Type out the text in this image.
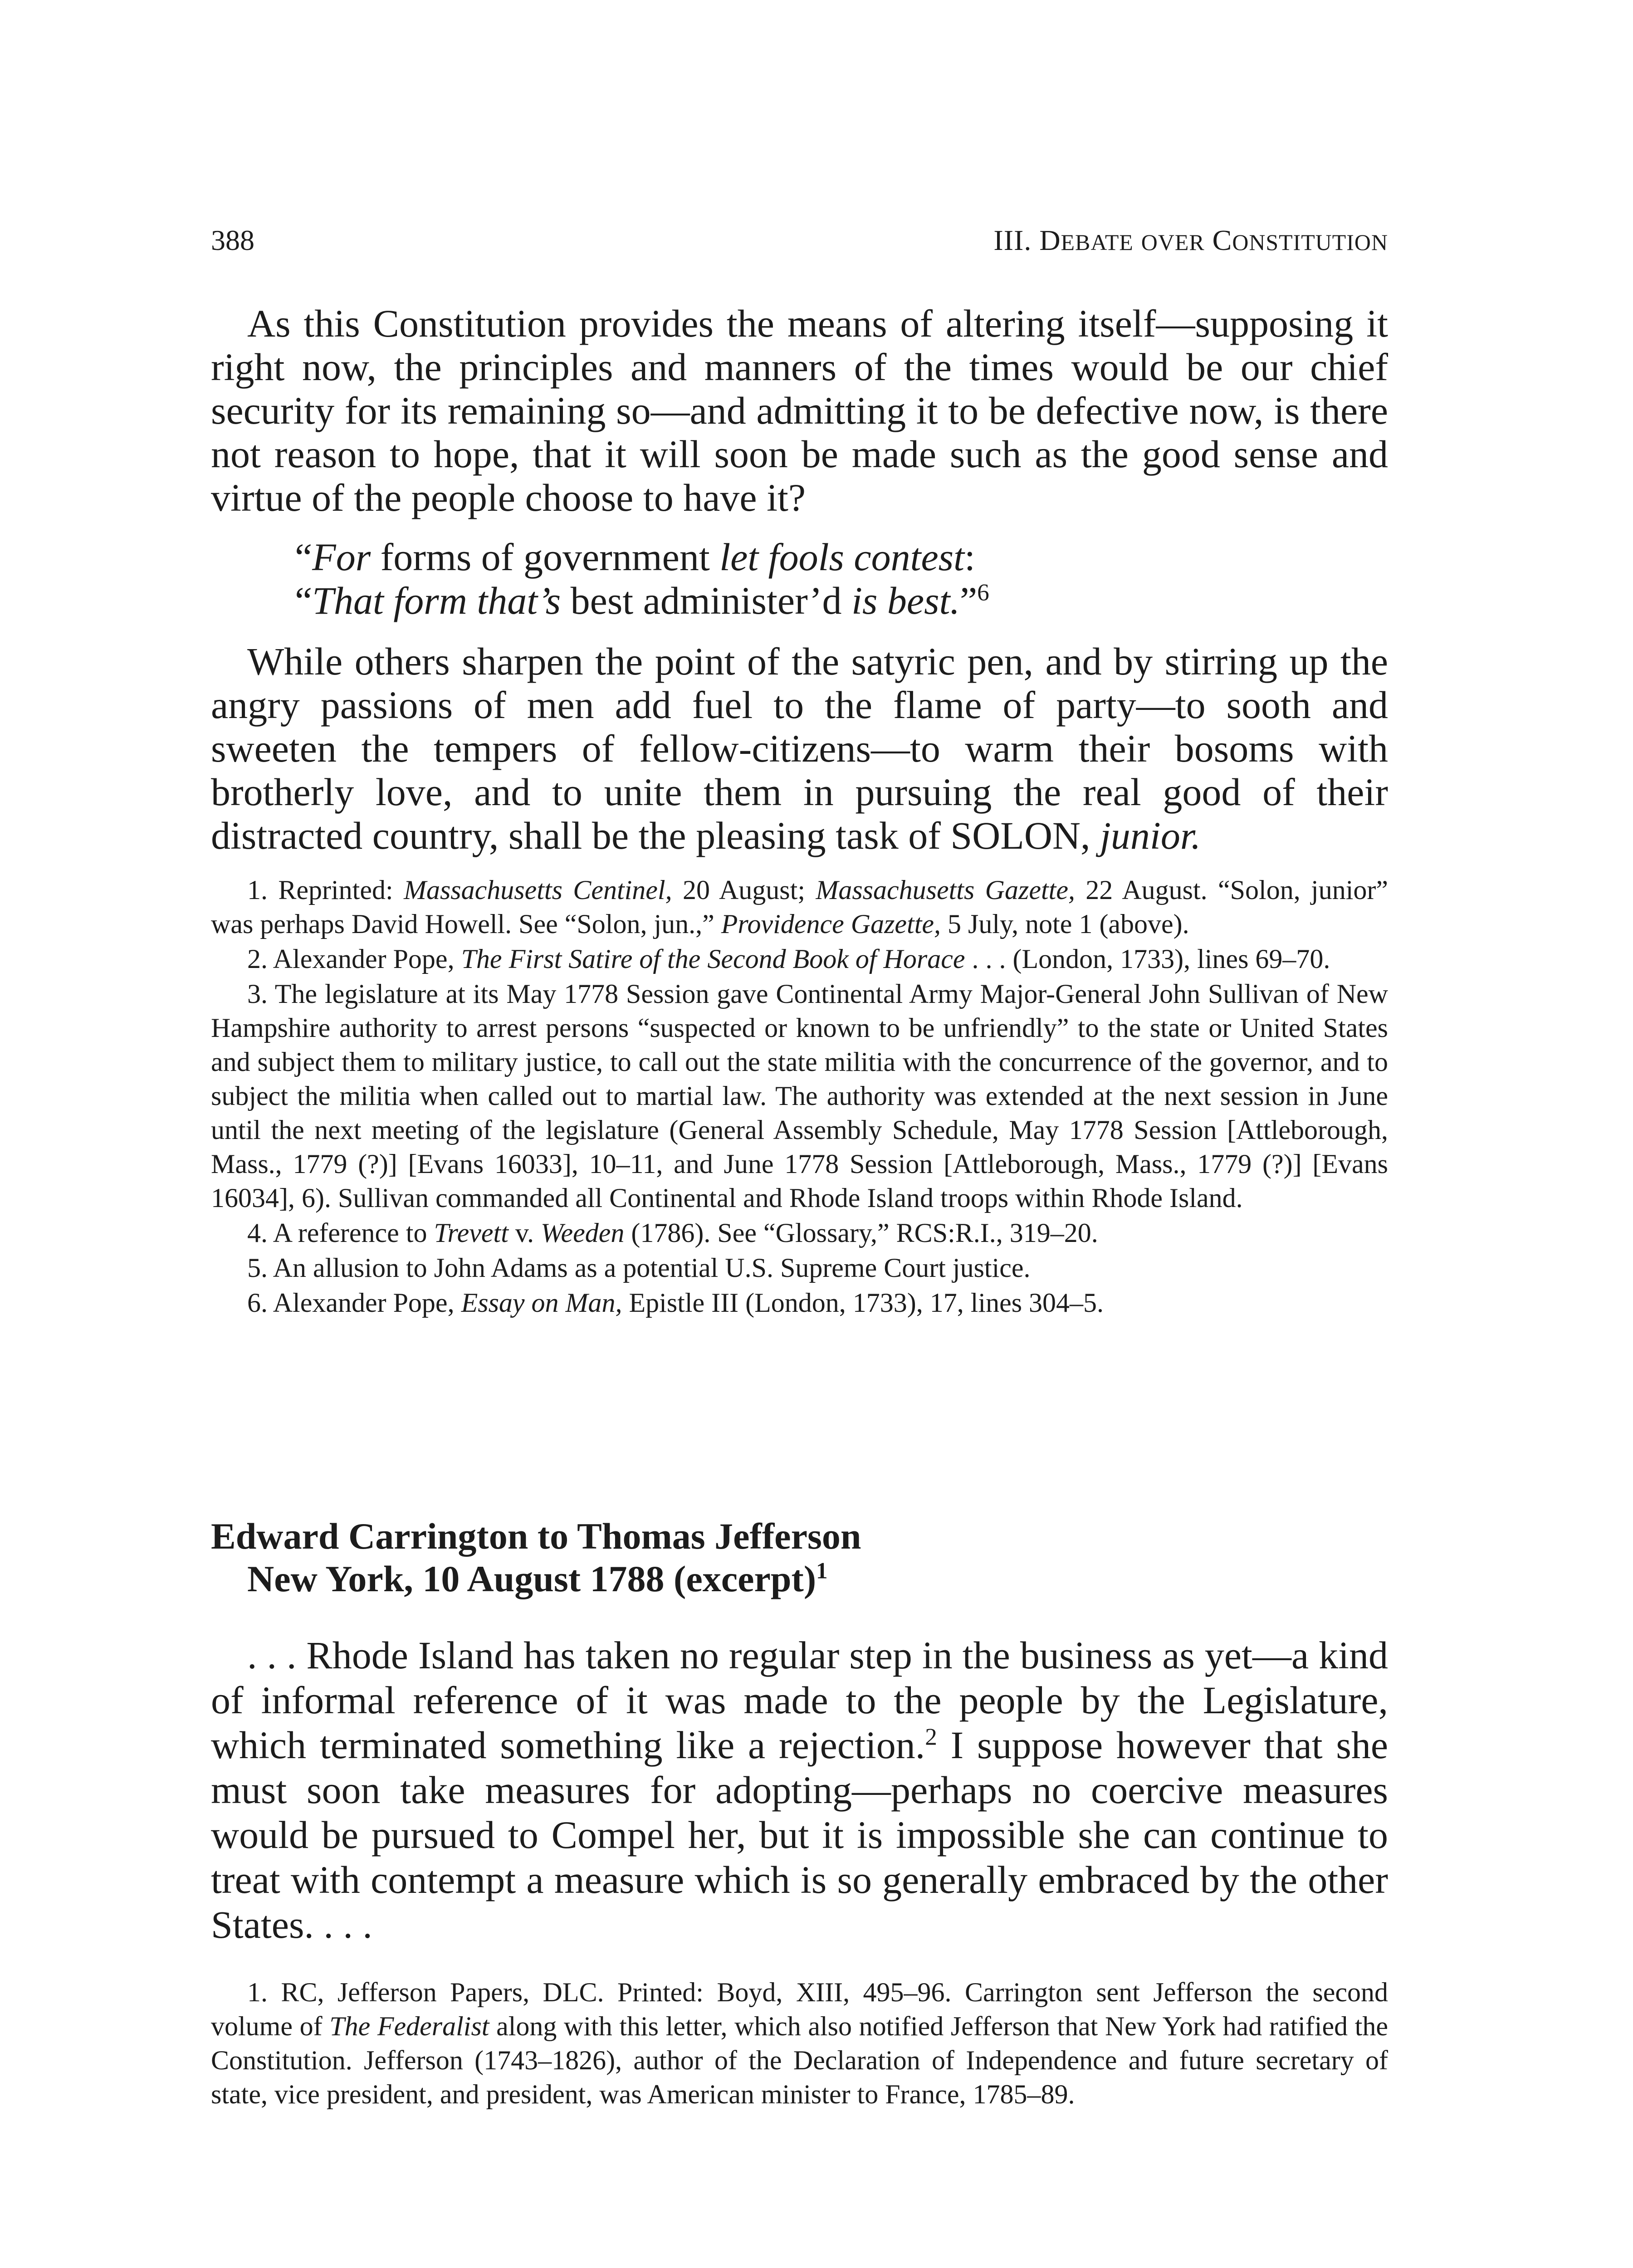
388	III. DEBATE OVER CONSTITUTION

As this Constitution provides the means of altering itself—supposing it right now, the principles and manners of the times would be our chief security for its remaining so—and admitting it to be defective now, is there not reason to hope, that it will soon be made such as the good sense and virtue of the people choose to have it?

“For forms of government let fools contest:
“That form that’s best administer’d is best.”$^6$

While others sharpen the point of the satyric pen, and by stirring up the angry passions of men add fuel to the flame of party—to sooth and sweeten the tempers of fellow-citizens—to warm their bosoms with brotherly love, and to unite them in pursuing the real good of their distracted country, shall be the pleasing task of SOLON, junior.

1. Reprinted: Massachusetts Centinel, 20 August; Massachusetts Gazette, 22 August. “Solon, junior” was perhaps David Howell. See “Solon, jun.,” Providence Gazette, 5 July, note 1 (above).

2. Alexander Pope, The First Satire of the Second Book of Horace . . . (London, 1733), lines 69–70.

3. The legislature at its May 1778 Session gave Continental Army Major-General John Sullivan of New Hampshire authority to arrest persons “suspected or known to be unfriendly” to the state or United States and subject them to military justice, to call out the state militia with the concurrence of the governor, and to subject the militia when called out to martial law. The authority was extended at the next session in June until the next meeting of the legislature (General Assembly Schedule, May 1778 Session [Attleborough, Mass., 1779 (?)] [Evans 16033], 10–11, and June 1778 Session [Attleborough, Mass., 1779 (?)] [Evans 16034], 6). Sullivan commanded all Continental and Rhode Island troops within Rhode Island.

4. A reference to Trevett v. Weeden (1786). See “Glossary,” RCS:R.I., 319–20.

5. An allusion to John Adams as a potential U.S. Supreme Court justice.

6. Alexander Pope, Essay on Man, Epistle III (London, 1733), 17, lines 304–5.

Edward Carrington to Thomas Jefferson
New York, 10 August 1788 (excerpt)$^1$

. . . Rhode Island has taken no regular step in the business as yet—a kind of informal reference of it was made to the people by the Legislature, which terminated something like a rejection.$^2$ I suppose however that she must soon take measures for adopting—perhaps no coercive measures would be pursued to Compel her, but it is impossible she can continue to treat with contempt a measure which is so generally embraced by the other States. . . .

1. RC, Jefferson Papers, DLC. Printed: Boyd, XIII, 495–96. Carrington sent Jefferson the second volume of The Federalist along with this letter, which also notified Jefferson that New York had ratified the Constitution. Jefferson (1743–1826), author of the Declaration of Independence and future secretary of state, vice president, and president, was American minister to France, 1785–89.
